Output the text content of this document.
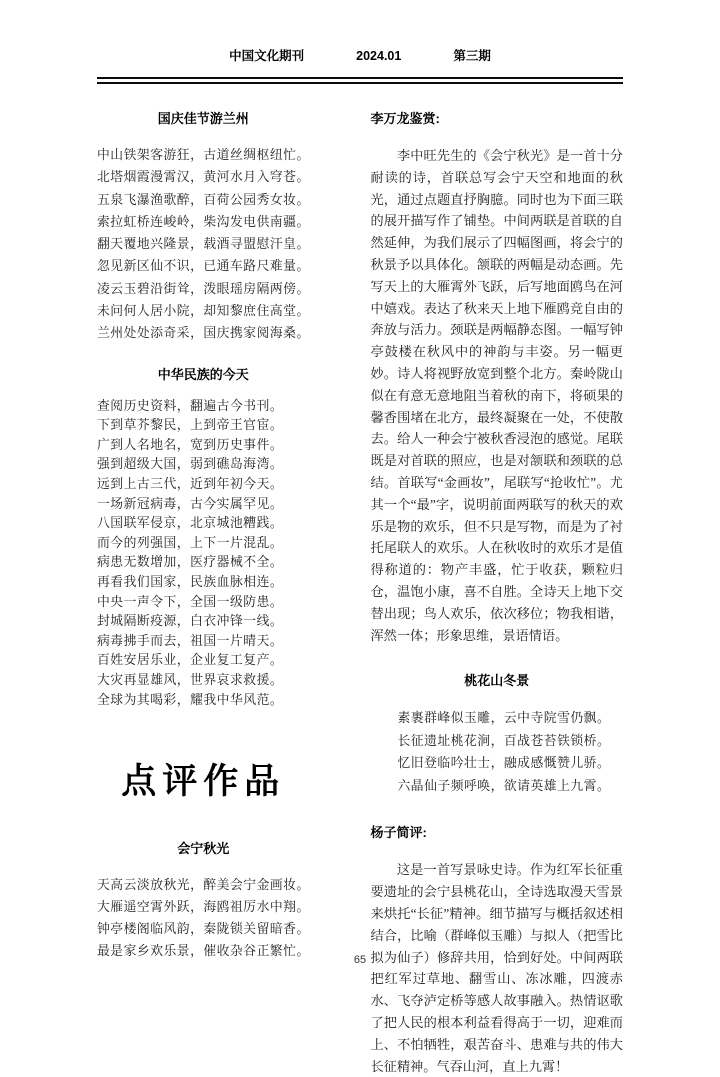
中国文化期刊	2024.01	第三期
国庆佳节游兰州
中山铁架客游狂，古道丝绸枢纽忙。
北塔烟霞漫霄汉，黄河水月入穹苍。
五泉飞瀑渔歌醉，百荷公园秀女妆。
索拉虹桥连峻岭，柴沟发电供南疆。
翻天覆地兴隆景，载酒寻盟慰汗皇。
忽见新区仙不识，已通车路尺难量。
凌云玉碧沿街耸，泼眼瑶房隔两傍。
未问何人居小院，却知黎庶住高堂。
兰州处处添奇采，国庆携家阅海桑。
中华民族的今天
查阅历史资料，翻遍古今书刊。
下到草芥黎民，上到帝王官宦。
广到人名地名，宽到历史事件。
强到超级大国，弱到礁岛海湾。
远到上古三代，近到年初今天。
一场新冠病毒，古今实属罕见。
八国联军侵京，北京城池糟践。
而今的列强国，上下一片混乱。
病患无数增加，医疗器械不全。
再看我们国家，民族血脉相连。
中央一声令下，全国一级防患。
封城隔断疫源，白衣冲锋一线。
病毒拂手而去，祖国一片晴天。
百姓安居乐业，企业复工复产。
大灾再显雄风，世界哀求救援。
全球为其喝彩，耀我中华风范。
点评作品
会宁秋光
天高云淡放秋光，醉美会宁金画妆。
大雁遥空霄外跃，海鸥祖厉水中翔。
钟亭楼阁临风韵，秦陇锁关留暗香。
最是家乡欢乐景，催收杂谷正繁忙。
李万龙鉴赏:

李中旺先生的《会宁秋光》是一首十分耐读的诗，首联总写会宁天空和地面的秋光，通过点题直抒胸臆。同时也为下面三联的展开描写作了铺垫。中间两联是首联的自然延伸，为我们展示了四幅图画，将会宁的秋景予以具体化。颔联的两幅是动态画。先写天上的大雁霄外飞跃，后写地面鸥鸟在河中嬉戏。表达了秋来天上地下雁鸥竞自由的奔放与活力。颈联是两幅静态图。一幅写钟亭鼓楼在秋风中的神韵与丰姿。另一幅更妙。诗人将视野放宽到整个北方。秦岭陇山似在有意无意地阻当着秋的南下，将硕果的馨香围堵在北方，最终凝聚在一处，不使散去。给人一种会宁被秋香浸泡的感觉。尾联既是对首联的照应，也是对颔联和颈联的总结。首联写“金画妆”，尾联写“抢收忙”。尤其一个“最”字，说明前面两联写的秋天的欢乐是物的欢乐，但不只是写物，而是为了衬托尾联人的欢乐。人在秋收时的欢乐才是值得称道的：物产丰盛，忙于收获，颗粒归仓，温饱小康，喜不自胜。全诗天上地下交替出现；鸟人欢乐，依次移位；物我相谐，浑然一体；形象思维，景语情语。

桃花山冬景
素裹群峰似玉雕，云中寺院雪仍飘。
长征遗址桃花涧，百战苍苔铁锁桥。
忆旧登临吟壮士，融成感慨赞儿骄。
六晶仙子频呼唤，欲请英雄上九霄。
杨子简评:

这是一首写景咏史诗。作为红军长征重要遗址的会宁县桃花山，全诗选取漫天雪景来烘托“长征”精神。细节描写与概括叙述相结合，比喻（群峰似玉雕）与拟人（把雪比拟为仙子）修辞共用，恰到好处。中间两联把红军过草地、翻雪山、冻冰雕，四渡赤水、飞夺泸定桥等感人故事融入。热情讴歌了把人民的根本利益看得高于一切，迎难而上、不怕牺牲，艰苦奋斗、患难与共的伟大长征精神。气吞山河，直上九霄！

65
